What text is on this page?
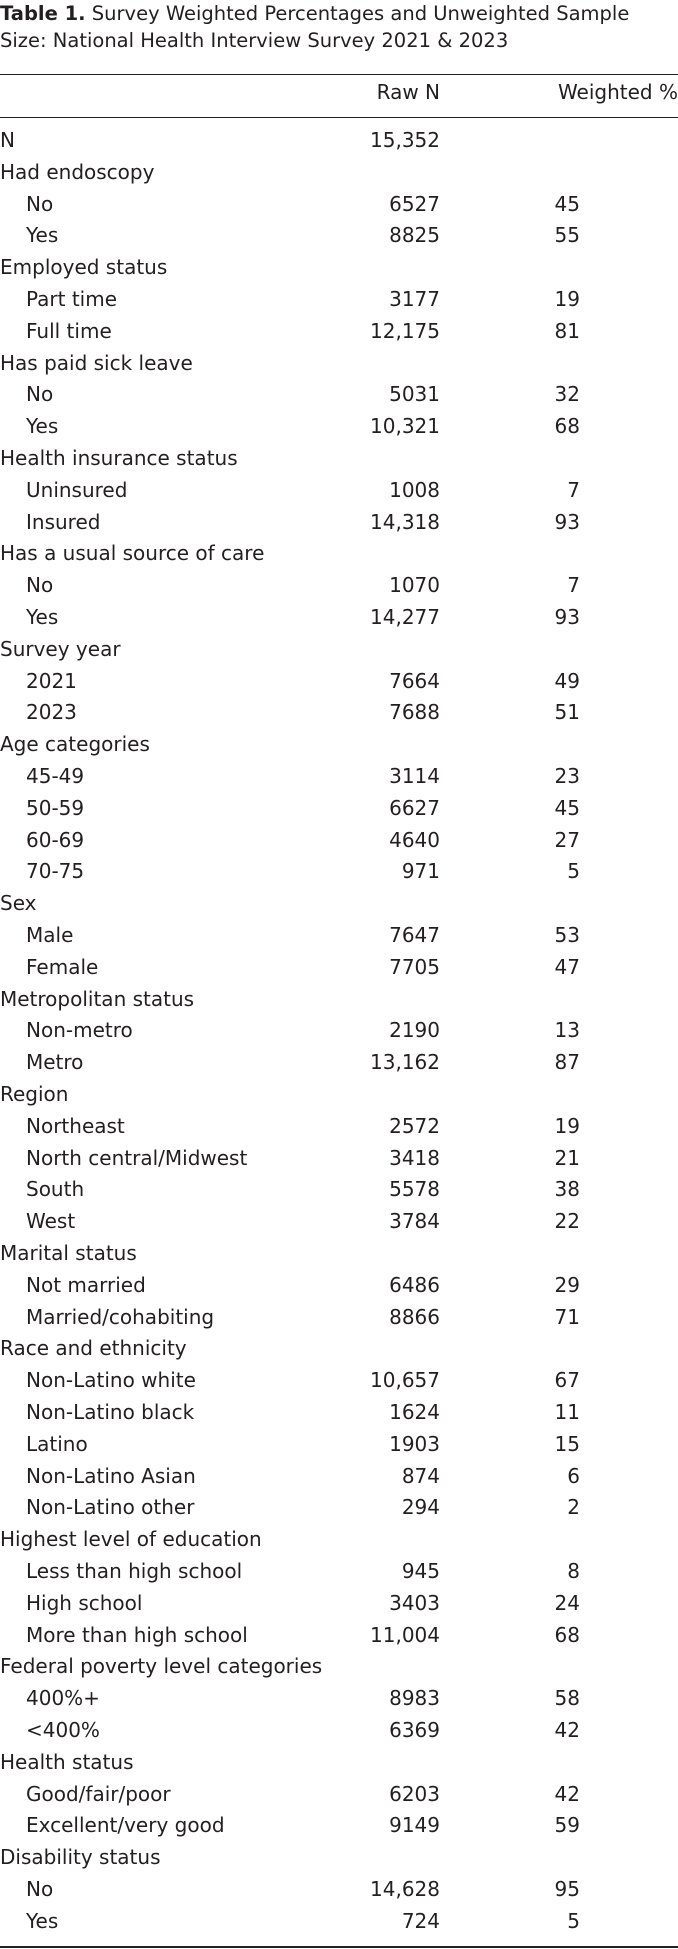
Table 1. Survey Weighted Percentages and Unweighted Sample Size: National Health Interview Survey 2021 & 2023
Raw N	Weighted %
N	15,352
Had endoscopy
No	6527	45
Yes	8825	55
Employed status
Part time	3177	19
Full time	12,175	81
Has paid sick leave
No	5031	32
Yes	10,321	68
Health insurance status
Uninsured	1008	7
Insured	14,318	93
Has a usual source of care
No	1070	7
Yes	14,277	93
Survey year
2021	7664	49
2023	7688	51
Age categories
45-49	3114	23
50-59	6627	45
60-69	4640	27
70-75	971	5
Sex
Male	7647	53
Female	7705	47
Metropolitan status
Non-metro	2190	13
Metro	13,162	87
Region
Northeast	2572	19
North central/Midwest	3418	21
South	5578	38
West	3784	22
Marital status
Not married	6486	29
Married/cohabiting	8866	71
Race and ethnicity
Non-Latino white	10,657	67
Non-Latino black	1624	11
Latino	1903	15
Non-Latino Asian	874	6
Non-Latino other	294	2
Highest level of education
Less than high school	945	8
High school	3403	24
More than high school	11,004	68
Federal poverty level categories
400%+	8983	58
<400%	6369	42
Health status
Good/fair/poor	6203	42
Excellent/very good	9149	59
Disability status
No	14,628	95
Yes	724	5
